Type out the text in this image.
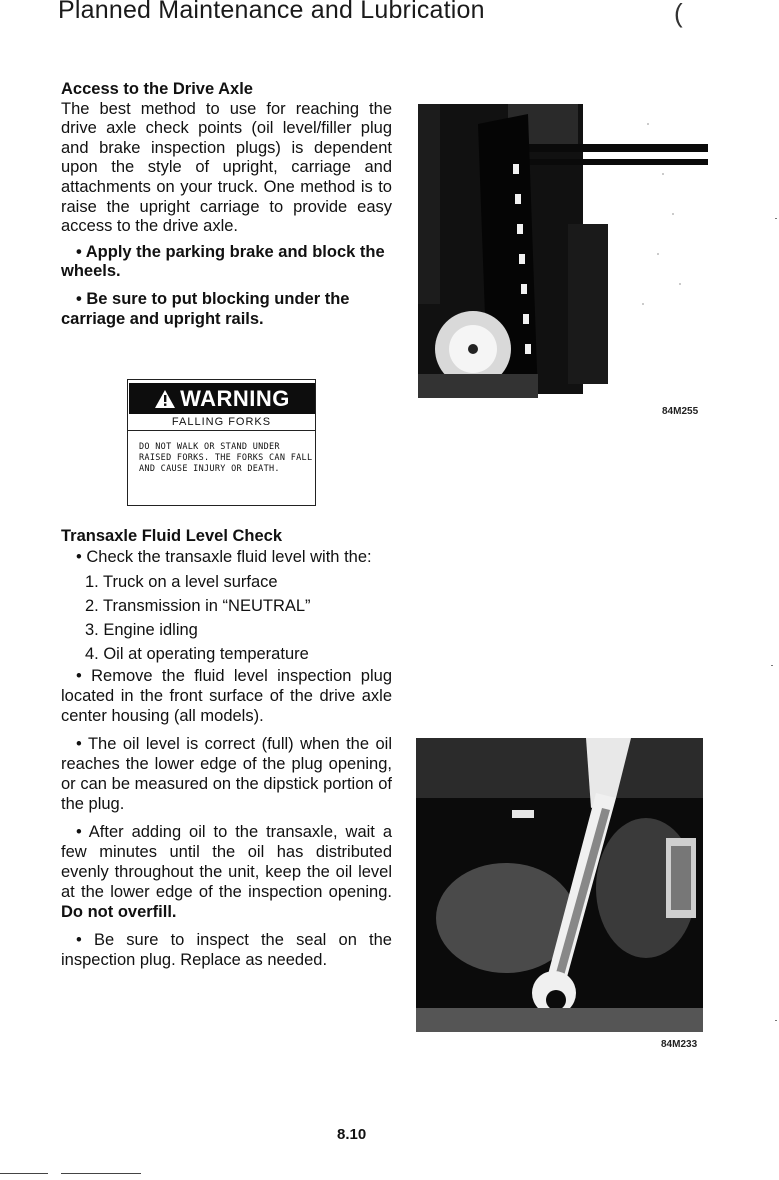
Planned Maintenance and Lubrication	(

Access to the Drive Axle

The best method to use for reaching the drive axle check points (oil level/filler plug and brake inspection plugs) is dependent upon the style of upright, carriage and attachments on your truck. One method is to raise the upright carriage to provide easy access to the drive axle.

• Apply the parking brake and block the wheels.

• Be sure to put blocking under the carriage and upright rails.

WARNING
FALLING FORKS
DO NOT WALK OR STAND UNDER RAISED FORKS. THE FORKS CAN FALL AND CAUSE INJURY OR DEATH.

Transaxle Fluid Level Check

• Check the transaxle fluid level with the:

1. Truck on a level surface
2. Transmission in “NEUTRAL”
3. Engine idling
4. Oil at operating temperature

• Remove the fluid level inspection plug located in the front surface of the drive axle center housing (all models).

• The oil level is correct (full) when the oil reaches the lower edge of the plug opening, or can be measured on the dipstick portion of the plug.

• After adding oil to the transaxle, wait a few minutes until the oil has distributed evenly throughout the unit, keep the oil level at the lower edge of the inspection opening. Do not overfill.

• Be sure to inspect the seal on the inspection plug. Replace as needed.

84M255
84M233
8.10
